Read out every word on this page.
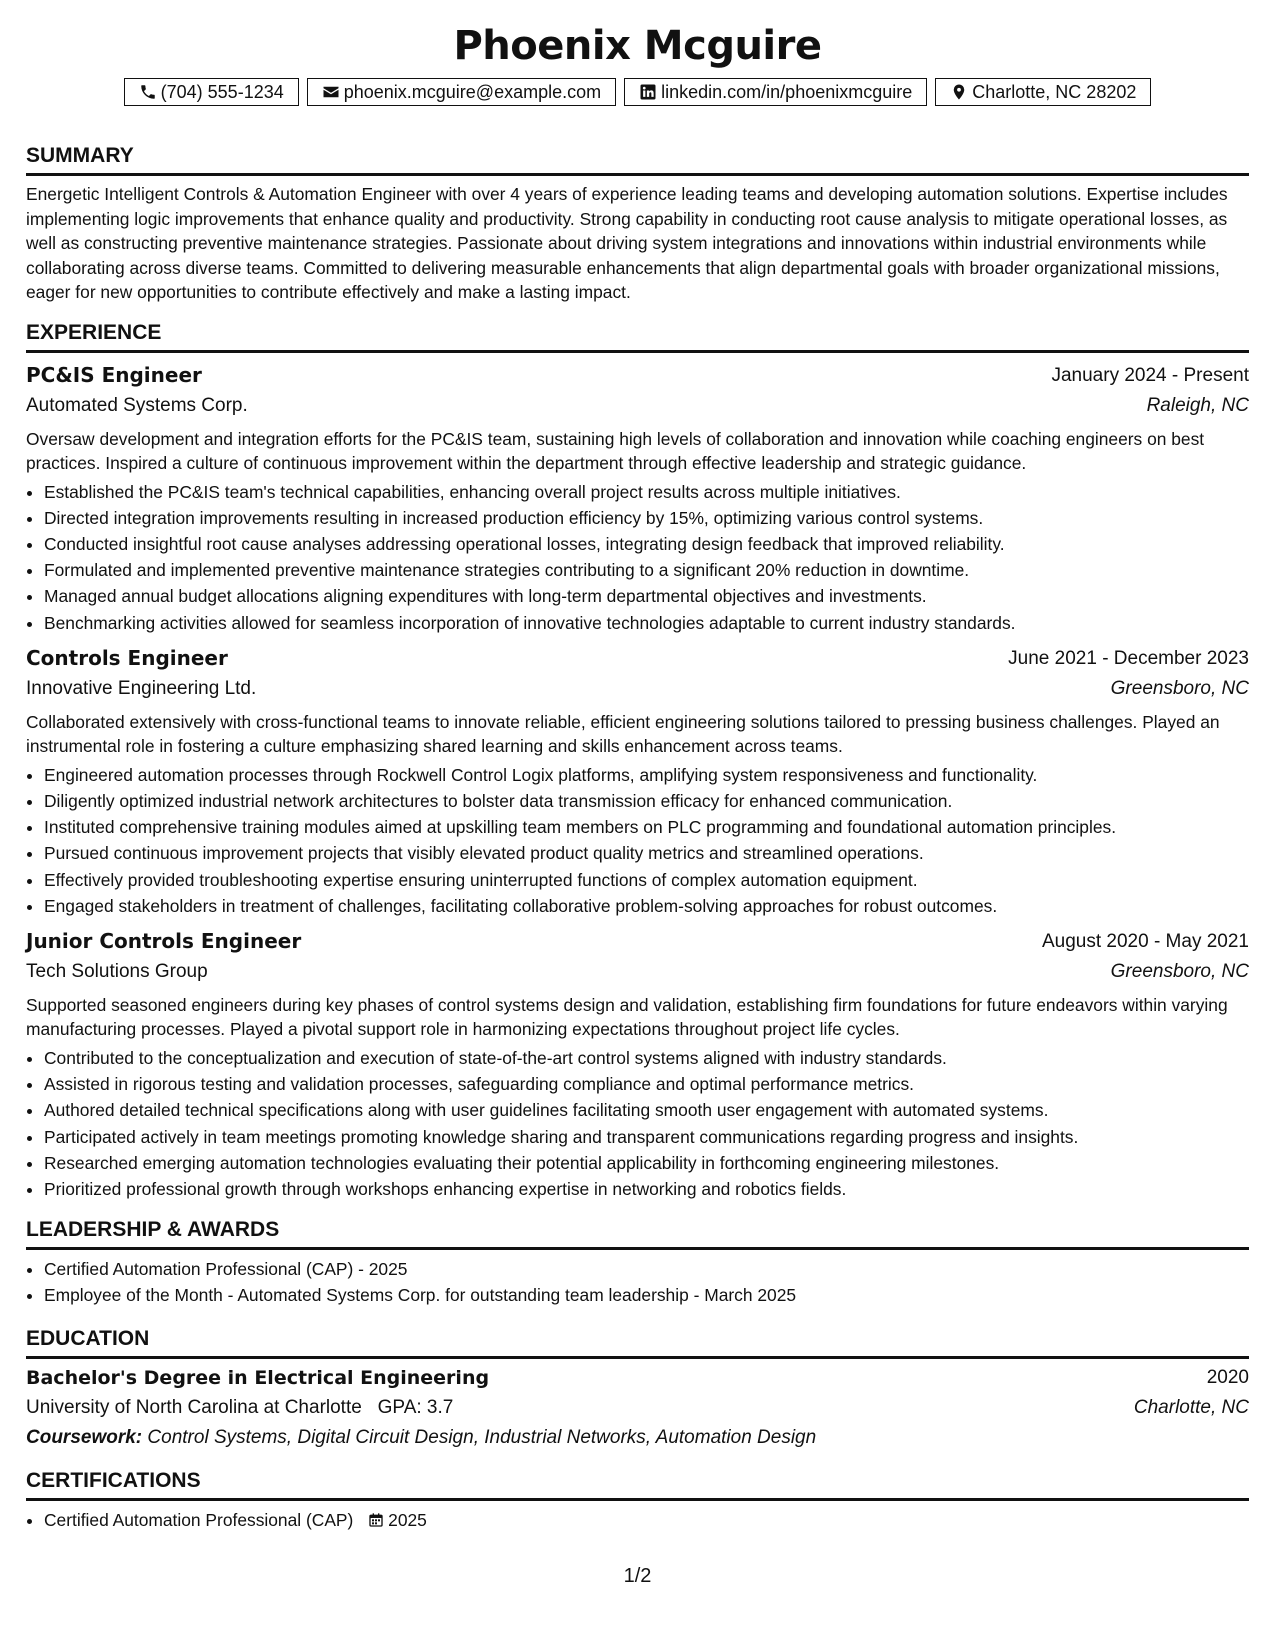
Phoenix Mcguire
(704) 555-1234	phoenix.mcguire@example.com	linkedin.com/in/phoenixmcguire	Charlotte, NC 28202
SUMMARY
Energetic Intelligent Controls & Automation Engineer with over 4 years of experience leading teams and developing automation solutions. Expertise includes implementing logic improvements that enhance quality and productivity. Strong capability in conducting root cause analysis to mitigate operational losses, as well as constructing preventive maintenance strategies. Passionate about driving system integrations and innovations within industrial environments while collaborating across diverse teams. Committed to delivering measurable enhancements that align departmental goals with broader organizational missions, eager for new opportunities to contribute effectively and make a lasting impact.
EXPERIENCE
PC&IS Engineer	January 2024 - Present
Automated Systems Corp.	Raleigh, NC
Oversaw development and integration efforts for the PC&IS team, sustaining high levels of collaboration and innovation while coaching engineers on best practices. Inspired a culture of continuous improvement within the department through effective leadership and strategic guidance.
• Established the PC&IS team's technical capabilities, enhancing overall project results across multiple initiatives.
• Directed integration improvements resulting in increased production efficiency by 15%, optimizing various control systems.
• Conducted insightful root cause analyses addressing operational losses, integrating design feedback that improved reliability.
• Formulated and implemented preventive maintenance strategies contributing to a significant 20% reduction in downtime.
• Managed annual budget allocations aligning expenditures with long-term departmental objectives and investments.
• Benchmarking activities allowed for seamless incorporation of innovative technologies adaptable to current industry standards.
Controls Engineer	June 2021 - December 2023
Innovative Engineering Ltd.	Greensboro, NC
Collaborated extensively with cross-functional teams to innovate reliable, efficient engineering solutions tailored to pressing business challenges. Played an instrumental role in fostering a culture emphasizing shared learning and skills enhancement across teams.
• Engineered automation processes through Rockwell Control Logix platforms, amplifying system responsiveness and functionality.
• Diligently optimized industrial network architectures to bolster data transmission efficacy for enhanced communication.
• Instituted comprehensive training modules aimed at upskilling team members on PLC programming and foundational automation principles.
• Pursued continuous improvement projects that visibly elevated product quality metrics and streamlined operations.
• Effectively provided troubleshooting expertise ensuring uninterrupted functions of complex automation equipment.
• Engaged stakeholders in treatment of challenges, facilitating collaborative problem-solving approaches for robust outcomes.
Junior Controls Engineer	August 2020 - May 2021
Tech Solutions Group	Greensboro, NC
Supported seasoned engineers during key phases of control systems design and validation, establishing firm foundations for future endeavors within varying manufacturing processes. Played a pivotal support role in harmonizing expectations throughout project life cycles.
• Contributed to the conceptualization and execution of state-of-the-art control systems aligned with industry standards.
• Assisted in rigorous testing and validation processes, safeguarding compliance and optimal performance metrics.
• Authored detailed technical specifications along with user guidelines facilitating smooth user engagement with automated systems.
• Participated actively in team meetings promoting knowledge sharing and transparent communications regarding progress and insights.
• Researched emerging automation technologies evaluating their potential applicability in forthcoming engineering milestones.
• Prioritized professional growth through workshops enhancing expertise in networking and robotics fields.
LEADERSHIP & AWARDS
• Certified Automation Professional (CAP) - 2025
• Employee of the Month - Automated Systems Corp. for outstanding team leadership - March 2025
EDUCATION
Bachelor's Degree in Electrical Engineering	2020
University of North Carolina at Charlotte GPA: 3.7	Charlotte, NC
Coursework: Control Systems, Digital Circuit Design, Industrial Networks, Automation Design
CERTIFICATIONS
• Certified Automation Professional (CAP) 2025
1/2
